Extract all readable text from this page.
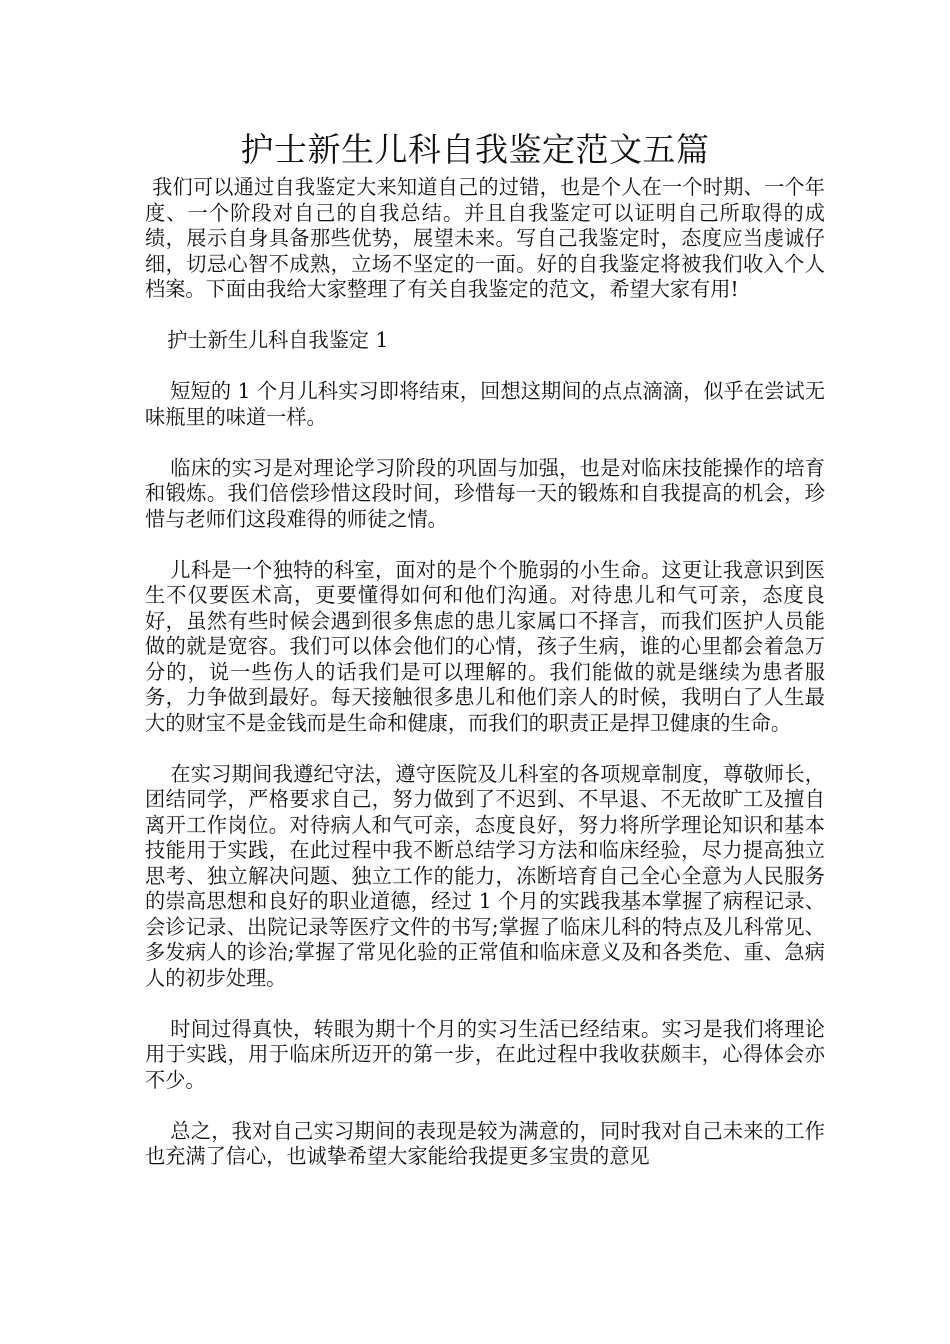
护士新生儿科自我鉴定范文五篇

我们可以通过自我鉴定大来知道自己的过错，也是个人在一个时期、一个年度、一个阶段对自己的自我总结。并且自我鉴定可以证明自己所取得的成绩，展示自身具备那些优势，展望未来。写自己我鉴定时，态度应当虔诚仔细，切忌心智不成熟，立场不坚定的一面。好的自我鉴定将被我们收入个人档案。下面由我给大家整理了有关自我鉴定的范文，希望大家有用!

护士新生儿科自我鉴定 1

短短的 1 个月儿科实习即将结束，回想这期间的点点滴滴，似乎在尝试无味瓶里的味道一样。

临床的实习是对理论学习阶段的巩固与加强，也是对临床技能操作的培育和锻炼。我们倍偿珍惜这段时间，珍惜每一天的锻炼和自我提高的机会，珍惜与老师们这段难得的师徒之情。

儿科是一个独特的科室，面对的是个个脆弱的小生命。这更让我意识到医生不仅要医术高，更要懂得如何和他们沟通。对待患儿和气可亲，态度良好，虽然有些时候会遇到很多焦虑的患儿家属口不择言，而我们医护人员能做的就是宽容。我们可以体会他们的心情，孩子生病，谁的心里都会着急万分的，说一些伤人的话我们是可以理解的。我们能做的就是继续为患者服务，力争做到最好。每天接触很多患儿和他们亲人的时候，我明白了人生最大的财宝不是金钱而是生命和健康，而我们的职责正是捍卫健康的生命。

在实习期间我遵纪守法，遵守医院及儿科室的各项规章制度，尊敬师长，团结同学，严格要求自己，努力做到了不迟到、不早退、不无故旷工及擅自离开工作岗位。对待病人和气可亲，态度良好，努力将所学理论知识和基本技能用于实践，在此过程中我不断总结学习方法和临床经验，尽力提高独立思考、独立解决问题、独立工作的能力，冻断培育自己全心全意为人民服务的崇高思想和良好的职业道德，经过 1 个月的实践我基本掌握了病程记录、会诊记录、出院记录等医疗文件的书写;掌握了临床儿科的特点及儿科常见、多发病人的诊治;掌握了常见化验的正常值和临床意义及和各类危、重、急病人的初步处理。

时间过得真快，转眼为期十个月的实习生活已经结束。实习是我们将理论用于实践，用于临床所迈开的第一步，在此过程中我收获颇丰，心得体会亦不少。

总之，我对自己实习期间的表现是较为满意的，同时我对自己未来的工作也充满了信心，也诚挚希望大家能给我提更多宝贵的意见
